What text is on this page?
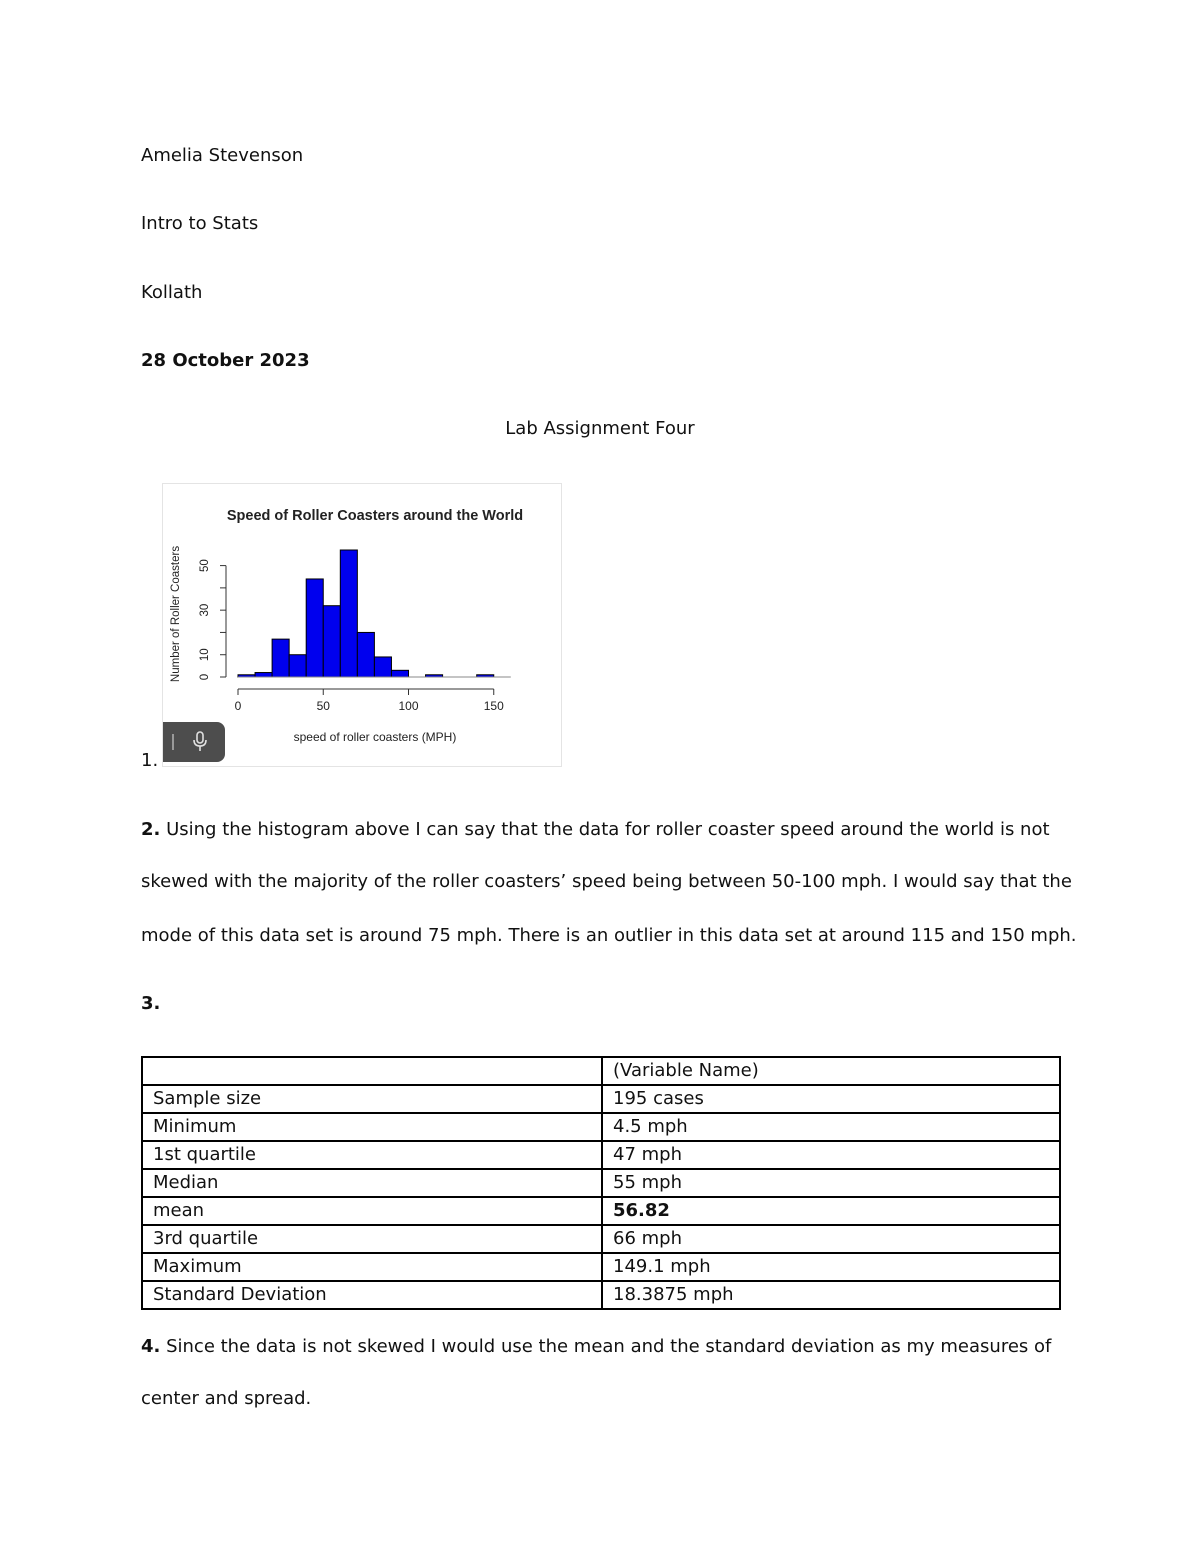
Amelia Stevenson
Intro to Stats
Kollath
28 October 2023
Lab Assignment Four
Speed of Roller Coasters around the World
speed of roller coasters (MPH)
Number of Roller Coasters
0	50	100	150
0
10
30
50
1.
2. Using the histogram above I can say that the data for roller coaster speed around the world is not
skewed with the majority of the roller coasters’ speed being between 50-100 mph. I would say that the
mode of this data set is around 75 mph. There is an outlier in this data set at around 115 and 150 mph.
3.
	(Variable Name)
Sample size	195 cases
Minimum	4.5 mph
1st quartile	47 mph
Median	55 mph
mean	56.82
3rd quartile	66 mph
Maximum	149.1 mph
Standard Deviation	18.3875 mph
4. Since the data is not skewed I would use the mean and the standard deviation as my measures of
center and spread.
